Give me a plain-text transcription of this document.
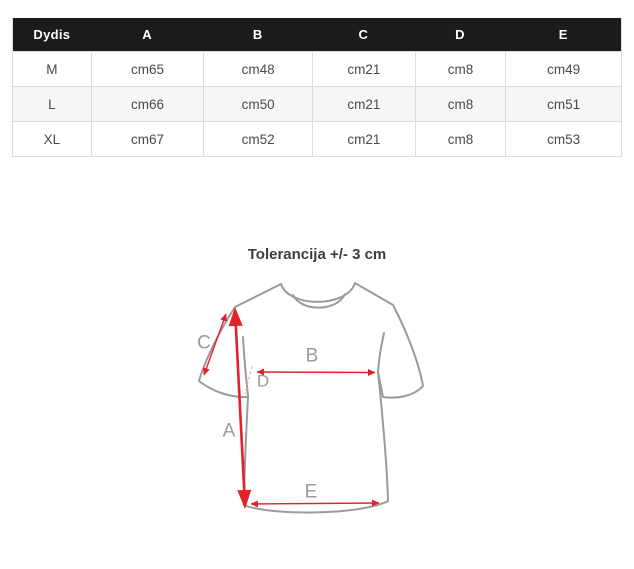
Dydis	A	B	C	D	E
M	cm65	cm48	cm21	cm8	cm49
L	cm66	cm50	cm21	cm8	cm51
XL	cm67	cm52	cm21	cm8	cm53
Tolerancija +/- 3 cm
C
B
D
A
E
